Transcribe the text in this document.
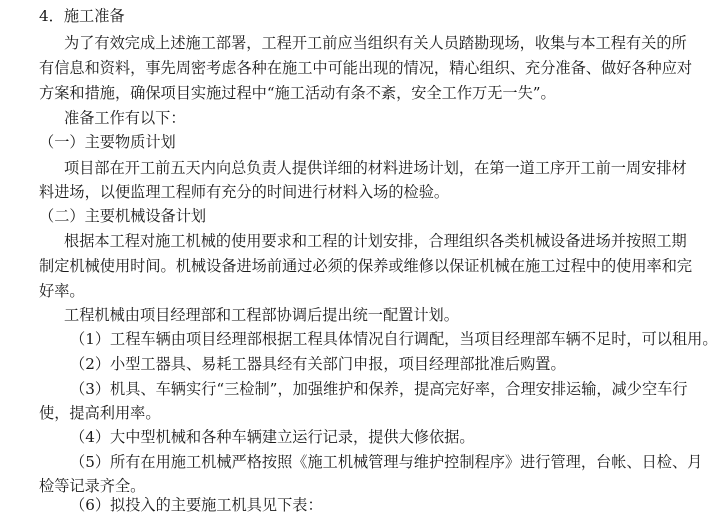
4．施工准备
为了有效完成上述施工部署，工程开工前应当组织有关人员踏勘现场，收集与本工程有关的所
有信息和资料，事先周密考虑各种在施工中可能出现的情况，精心组织、充分准备、做好各种应对
方案和措施，确保项目实施过程中“施工活动有条不紊，安全工作万无一失”。
准备工作有以下：
（一）主要物质计划
项目部在开工前五天内向总负责人提供详细的材料进场计划，在第一道工序开工前一周安排材
料进场，以便监理工程师有充分的时间进行材料入场的检验。
（二）主要机械设备计划
根据本工程对施工机械的使用要求和工程的计划安排，合理组织各类机械设备进场并按照工期
制定机械使用时间。机械设备进场前通过必须的保养或维修以保证机械在施工过程中的使用率和完
好率。
工程机械由项目经理部和工程部协调后提出统一配置计划。
（1）工程车辆由项目经理部根据工程具体情况自行调配，当项目经理部车辆不足时，可以租用。
（2）小型工器具、易耗工器具经有关部门申报，项目经理部批准后购置。
（3）机具、车辆实行“三检制”，加强维护和保养，提高完好率，合理安排运输，减少空车行
使，提高利用率。
（4）大中型机械和各种车辆建立运行记录，提供大修依据。
（5）所有在用施工机械严格按照《施工机械管理与维护控制程序》进行管理，台帐、日检、月
检等记录齐全。
（6）拟投入的主要施工机具见下表：
